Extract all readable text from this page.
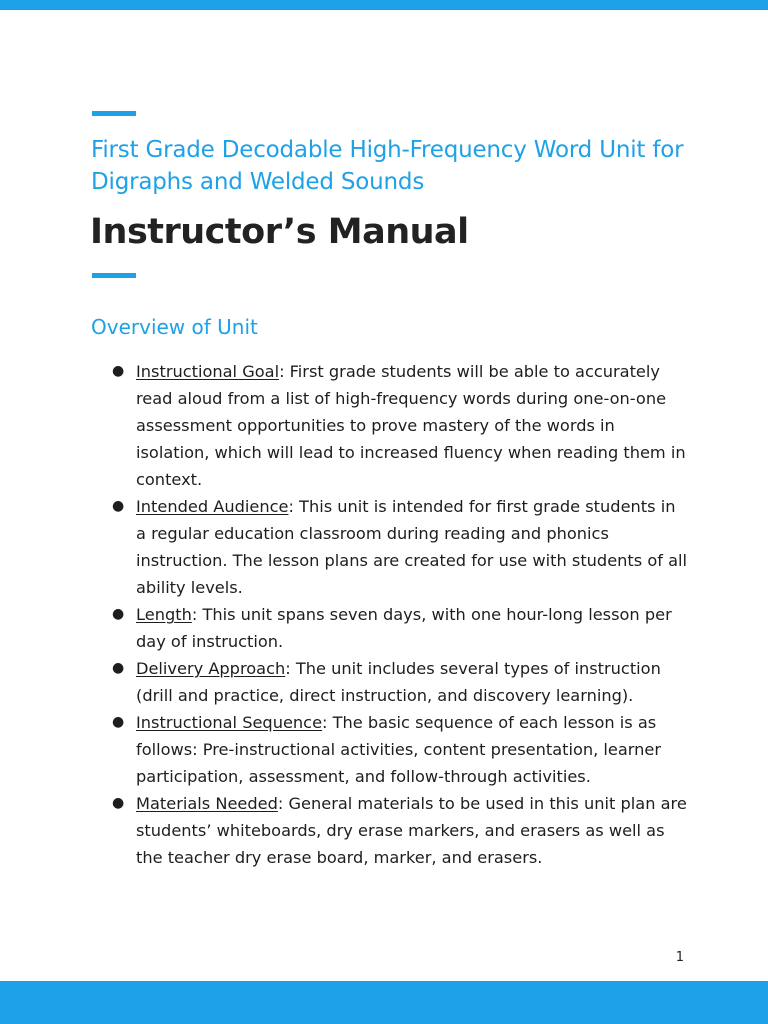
First Grade Decodable High-Frequency Word Unit for Digraphs and Welded Sounds
Instructor’s Manual
Overview of Unit
● Instructional Goal: First grade students will be able to accurately read aloud from a list of high-frequency words during one-on-one assessment opportunities to prove mastery of the words in isolation, which will lead to increased fluency when reading them in context.
● Intended Audience: This unit is intended for first grade students in a regular education classroom during reading and phonics instruction. The lesson plans are created for use with students of all ability levels.
● Length: This unit spans seven days, with one hour-long lesson per day of instruction.
● Delivery Approach: The unit includes several types of instruction (drill and practice, direct instruction, and discovery learning).
● Instructional Sequence: The basic sequence of each lesson is as follows: Pre-instructional activities, content presentation, learner participation, assessment, and follow-through activities.
● Materials Needed: General materials to be used in this unit plan are students’ whiteboards, dry erase markers, and erasers as well as the teacher dry erase board, marker, and erasers.
1
